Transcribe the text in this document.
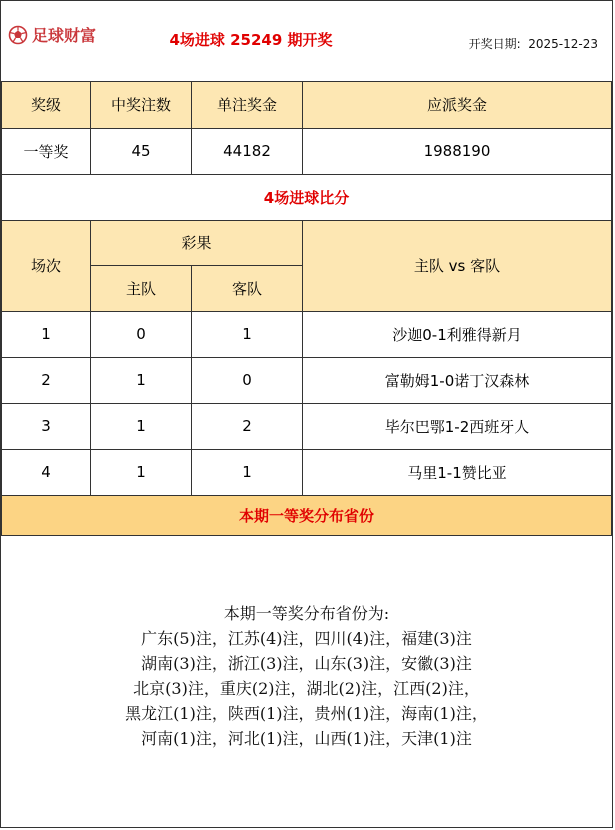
足球财富	4场进球 25249 期开奖	开奖日期: 2025-12-23
奖级	中奖注数	单注奖金	应派奖金
一等奖	45	44182	1988190
4场进球比分			
场次	彩果		主队 vs 客队
	主队	客队	
1	0	1	沙迦0-1利雅得新月
2	1	0	富勒姆1-0诺丁汉森林
3	1	2	毕尔巴鄂1-2西班牙人
4	1	1	马里1-1赞比亚
本期一等奖分布省份			
本期一等奖分布省份为:
广东(5)注，江苏(4)注，四川(4)注，福建(3)注
湖南(3)注，浙江(3)注，山东(3)注，安徽(3)注
北京(3)注，重庆(2)注，湖北(2)注，江西(2)注，
黑龙江(1)注，陕西(1)注，贵州(1)注，海南(1)注，
河南(1)注，河北(1)注，山西(1)注，天津(1)注
